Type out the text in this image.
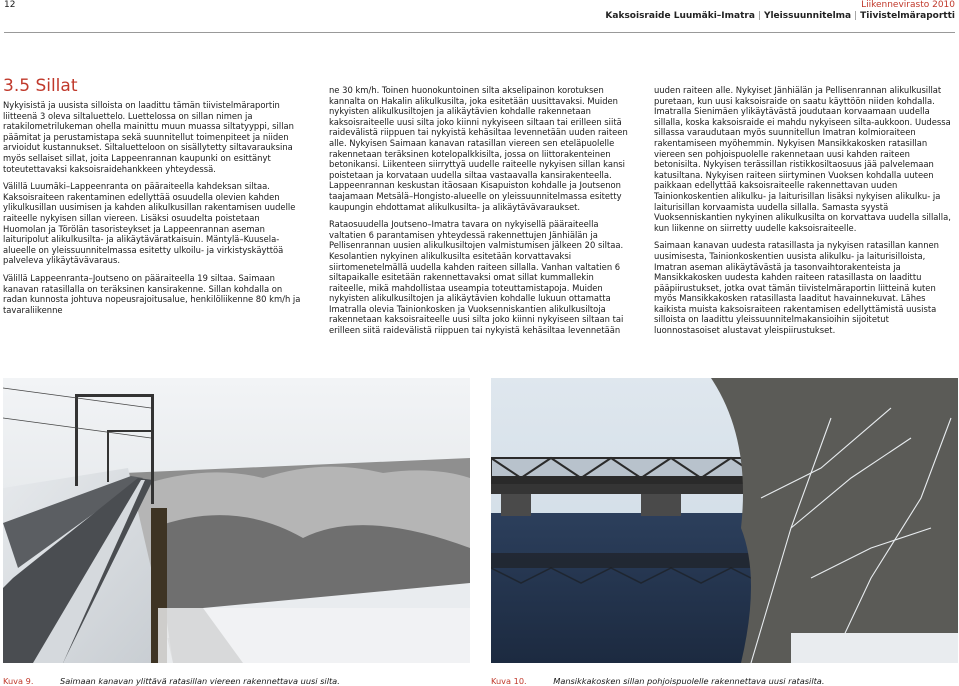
12	Liikennevirasto 2010
Kaksoisraide Luumäki–Imatra | Yleissuunnitelma | Tiivistelmäraportti
3.5 Sillat

Nykyisistä ja uusista silloista on laadittu tämän tiivistelmäraportin liitteenä 3 oleva siltaluettelo. Luettelossa on sillan nimen ja ratakilometrilukeman ohella mainittu muun muassa siltatyyppi, sillan päämitat ja perustamistapa sekä suunnitellut toimenpiteet ja niiden arvioidut kustannukset. Siltaluetteloon on sisällytetty siltavarauksina myös sellaiset sillat, joita Lappeenrannan kaupunki on esittänyt toteutettavaksi kaksoisraidehankkeen yhteydessä.

Välillä Luumäki–Lappeenranta on pääraiteella kahdeksan siltaa. Kaksoisraiteen rakentaminen edellyttää osuudella olevien kahden ylikulkusillan uusimisen ja kahden alikulkusillan rakentamisen uudelle raiteelle nykyisen sillan viereen. Lisäksi osuudelta poistetaan Huomolan ja Törölän tasoristeykset ja Lappeenrannan aseman laituripolut alikulkusilta- ja alikäytäväratkaisuin. Mäntylä–Kuusela-alueelle on yleissuunnitelmassa esitetty ulkoilu- ja virkistyskäyttöä palveleva ylikäytävävaraus.

Välillä Lappeenranta–Joutseno on pääraiteella 19 siltaa. Saimaan kanavan ratasillalla on teräksinen kansirakenne. Sillan kohdalla on radan kunnosta johtuva nopeusrajoitusalue, henkilöliikenne 80 km/h ja tavaraliikenne

ne 30 km/h. Toinen huonokuntoinen silta akselipainon korotuksen kannalta on Hakalin alikulkusilta, joka esitetään uusittavaksi. Muiden nykyisten alikulkusiltojen ja alikäytävien kohdalle rakennetaan kaksoisraiteelle uusi silta joko kiinni nykyiseen siltaan tai erilleen siitä raidevälistä riippuen tai nykyistä kehäsiltaa levennetään uuden raiteen alle. Nykyisen Saimaan kanavan ratasillan viereen sen eteläpuolelle rakennetaan teräksinen kotelopalkkisilta, jossa on liittorakenteinen betonikansi. Liikenteen siirryttyä uudelle raiteelle nykyisen sillan kansi poistetaan ja korvataan uudella siltaa vastaavalla kansirakenteella. Lappeenrannan keskustan itäosaan Kisapuiston kohdalle ja Joutsenon taajamaan Metsälä–Hongisto-alueelle on yleissuunnitelmassa esitetty kaupungin ehdottamat alikulkusilta- ja alikäytävävaraukset.

Rataosuudella Joutseno–Imatra tavara on nykyisellä pääraiteella valtatien 6 parantamisen yhteydessä rakennettujen Jänhiälän ja Pellisenrannan uusien alikulkusiltojen valmistumisen jälkeen 20 siltaa. Kesolantien nykyinen alikulkusilta esitetään korvattavaksi siirtomenetelmällä uudella kahden raiteen sillalla. Vanhan valtatien 6 siltapaikalle esitetään rakennettavaksi omat sillat kummallekin raiteelle, mikä mahdollistaa useampia toteuttamistapoja. Muiden nykyisten alikulkusiltojen ja alikäytävien kohdalle lukuun ottamatta Imatralla olevia Tainionkosken ja Vuoksenniskantien alikulkusiltoja rakennetaan kaksoisraiteelle uusi silta joko kiinni nykyiseen siltaan tai erilleen siitä raidevälistä riippuen tai nykyistä kehäsiltaa levennetään

uuden raiteen alle. Nykyiset Jänhiälän ja Pellisenrannan alikulkusillat puretaan, kun uusi kaksoisraide on saatu käyttöön niiden kohdalla. Imatralla Sienimäen ylikäytävästä joudutaan korvaamaan uudella sillalla, koska kaksoisraide ei mahdu nykyiseen silta-aukkoon. Uudessa sillassa varaudutaan myös suunnitellun Imatran kolmioraiteen rakentamiseen myöhemmin. Nykyisen Mansikkakosken ratasillan viereen sen pohjoispuolelle rakennetaan uusi kahden raiteen betonisilta. Nykyisen terässillan ristikkosiltaosuus jää palvelemaan katusiltana. Nykyisen raiteen siirtyminen Vuoksen kohdalla uuteen paikkaan edellyttää kaksoisraiteelle rakennettavan uuden Tainionkoskentien alikulku- ja laiturisillan lisäksi nykyisen alikulku- ja laiturisillan korvaamista uudella sillalla. Samasta syystä Vuoksenniskantien nykyinen alikulkusilta on korvattava uudella sillalla, kun liikenne on siirretty uudelle kaksoisraiteelle.

Saimaan kanavan uudesta ratasillasta ja nykyisen ratasillan kannen uusimisesta, Tainionkoskentien uusista alikulku- ja laiturisilloista, Imatran aseman alikäytävästä ja tasonvaihtorakenteista ja Mansikkakosken uudesta kahden raiteen ratasillasta on laadittu pääpiirustukset, jotka ovat tämän tiivistelmäraportin liitteinä kuten myös Mansikkakosken ratasillasta laaditut havainnekuvat. Lähes kaikista muista kaksoisraiteen rakentamisen edellyttämistä uusista silloista on laadittu yleissuunnitelmakansioihin sijoitetut luonnostasoiset alustavat yleispiirustukset.

Kuva 9.	Saimaan kanavan ylittävä ratasillan viereen rakennettava uusi silta.	Kuva 10.	Mansikkakosken sillan pohjoispuolelle rakennettava uusi ratasilta.
